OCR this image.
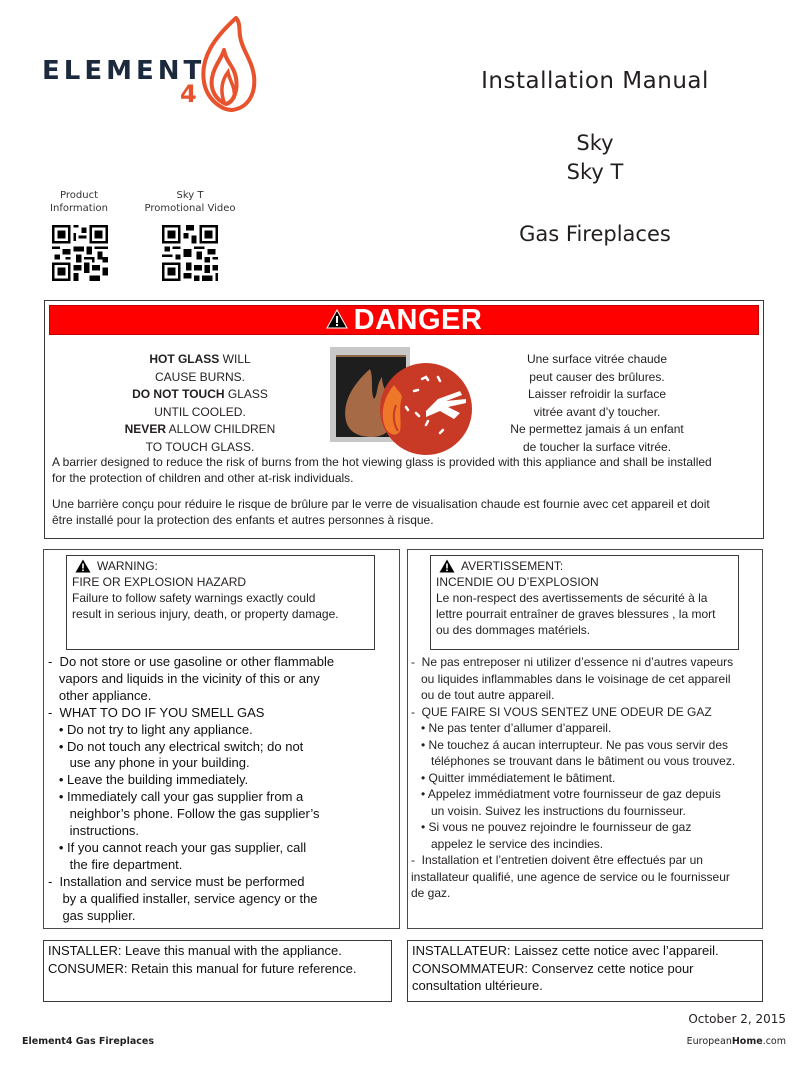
ELEMENT
4
Product
Information
Sky T
Promotional Video
Installation Manual
Sky
Sky T
Gas Fireplaces
DANGER

HOT GLASS WILL
CAUSE BURNS.

DO NOT TOUCH GLASS
UNTIL COOLED.

NEVER ALLOW CHILDREN
TO TOUCH GLASS.

Une surface vitrée chaude
peut causer des brûlures.

Laisser refroidir la surface
vitrée avant d’y toucher.

Ne permettez jamais á un enfant
de toucher la surface vitrée.

A barrier designed to reduce the risk of burns from the hot viewing glass is provided with this appliance and shall be installed
for the protection of children and other at-risk individuals.
Une barrière conçu pour réduire le risque de brûlure par le verre de visualisation chaude est fournie avec cet appareil et doit
être installé pour la protection des enfants et autres personnes à risque.
WARNING:
FIRE OR EXPLOSION HAZARD
Failure to follow safety warnings exactly could
result in serious injury, death, or property damage.
AVERTISSEMENT:
INCENDIE OU D’EXPLOSION
Le non-respect des avertissements de sécurité à la
lettre pourrait entraîner de graves blessures , la mort
ou des dommages matériels.
-  Do not store or use gasoline or other flammable
vapors and liquids in the vicinity of this or any
other appliance.
-  WHAT TO DO IF YOU SMELL GAS
• Do not try to light any appliance.
• Do not touch any electrical switch; do not
use any phone in your building.
• Leave the building immediately.
• Immediately call your gas supplier from a
neighbor’s phone. Follow the gas supplier’s
instructions.
• If you cannot reach your gas supplier, call
the fire department.
-  Installation and service must be performed
by a qualified installer, service agency or the
gas supplier.
-  Ne pas entreposer ni utilizer d’essence ni d’autres vapeurs
ou liquides inflammables dans le voisinage de cet appareil
ou de tout autre appareil.
-  QUE FAIRE SI VOUS SENTEZ UNE ODEUR DE GAZ
• Ne pas tenter d’allumer d’appareil.
• Ne touchez á aucan interrupteur. Ne pas vous servir des
téléphones se trouvant dans le bâtiment ou vous trouvez.
• Quitter immédiatement le bâtiment.
• Appelez immédiatment votre fournisseur de gaz depuis
un voisin. Suivez les instructions du fournisseur.
• Si vous ne pouvez rejoindre le fournisseur de gaz
appelez le service des incindies.
-  Installation et l’entretien doivent être effectués par un
installateur qualifié, une agence de service ou le fournisseur
de gaz.
INSTALLER: Leave this manual with the appliance.
CONSUMER: Retain this manual for future reference.
INSTALLATEUR: Laissez cette notice avec l’appareil.
CONSOMMATEUR: Conservez cette notice pour
consultation ultérieure.
October 2, 2015
Element4 Gas Fireplaces	EuropeanHome.com
